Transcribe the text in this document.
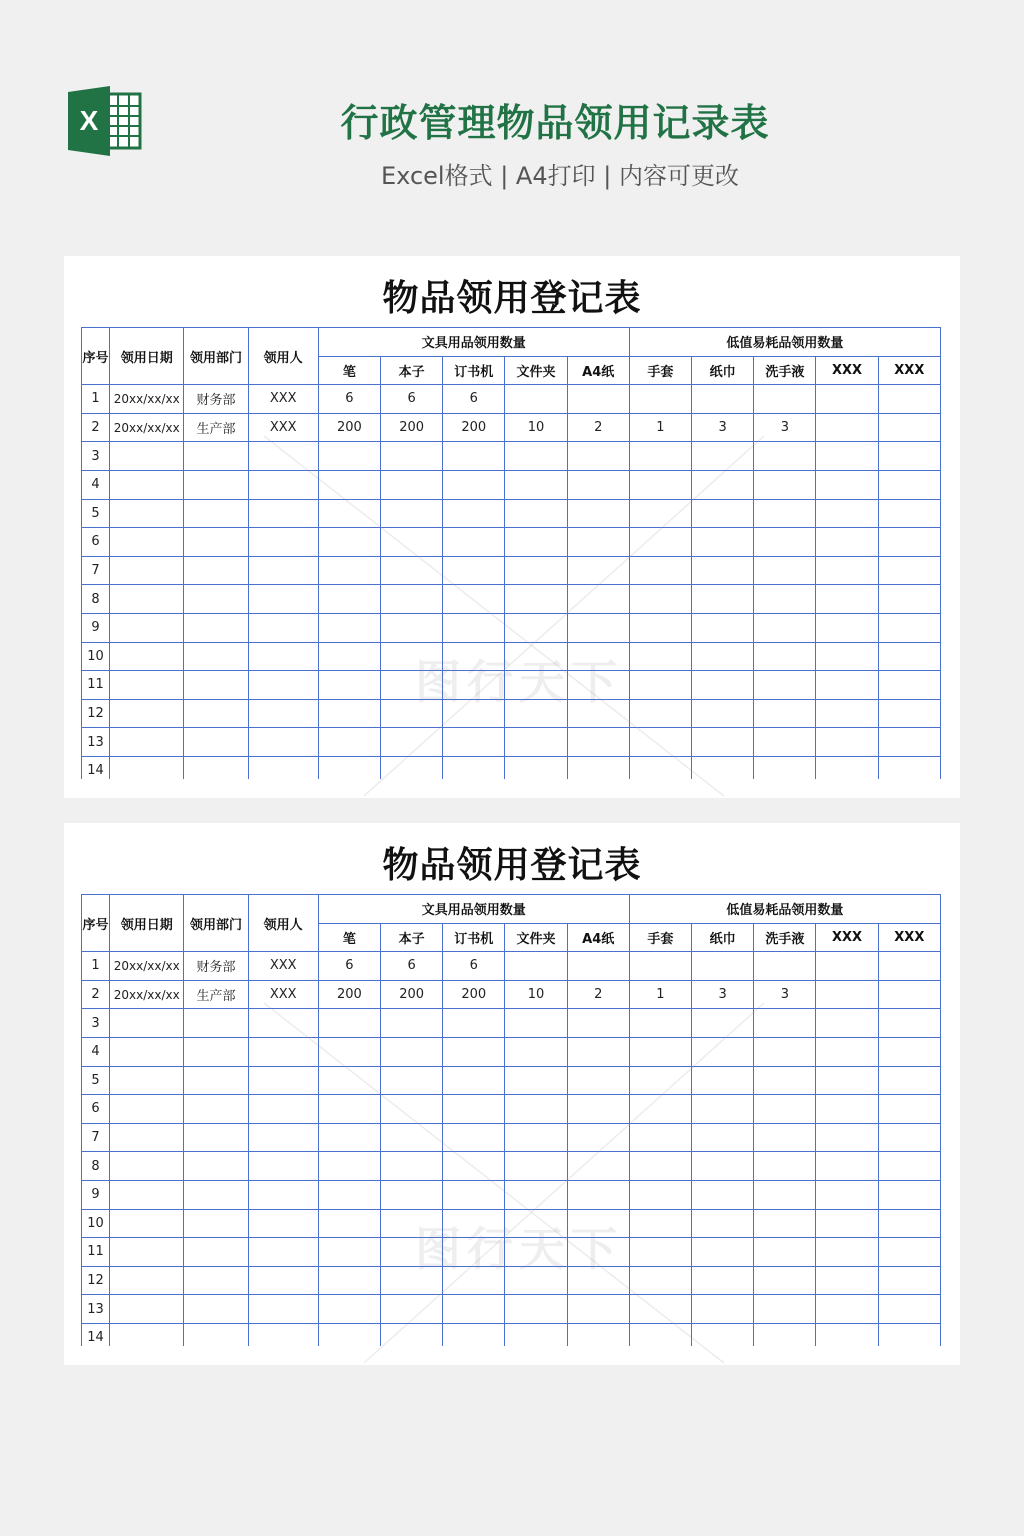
X	行政管理物品领用记录表
Excel格式 | A4打印 | 内容可更改
物品领用登记表
序号	领用日期	领用部门	领用人	文具用品领用数量					低值易耗品领用数量				
				笔	本子	订书机	文件夹	A4纸	手套	纸巾	洗手液	XXX	XXX
1	20xx/xx/xx	财务部	XXX	6	6	6							
2	20xx/xx/xx	生产部	XXX	200	200	200	10	2	1	3	3		
3													
4													
5													
6													
7													
8													
9													
10													
11													
12													
13													
14													
图行天下
物品领用登记表
序号	领用日期	领用部门	领用人	文具用品领用数量					低值易耗品领用数量				
				笔	本子	订书机	文件夹	A4纸	手套	纸巾	洗手液	XXX	XXX
1	20xx/xx/xx	财务部	XXX	6	6	6							
2	20xx/xx/xx	生产部	XXX	200	200	200	10	2	1	3	3		
3													
4													
5													
6													
7													
8													
9													
10													
11													
12													
13													
14													
图行天下
